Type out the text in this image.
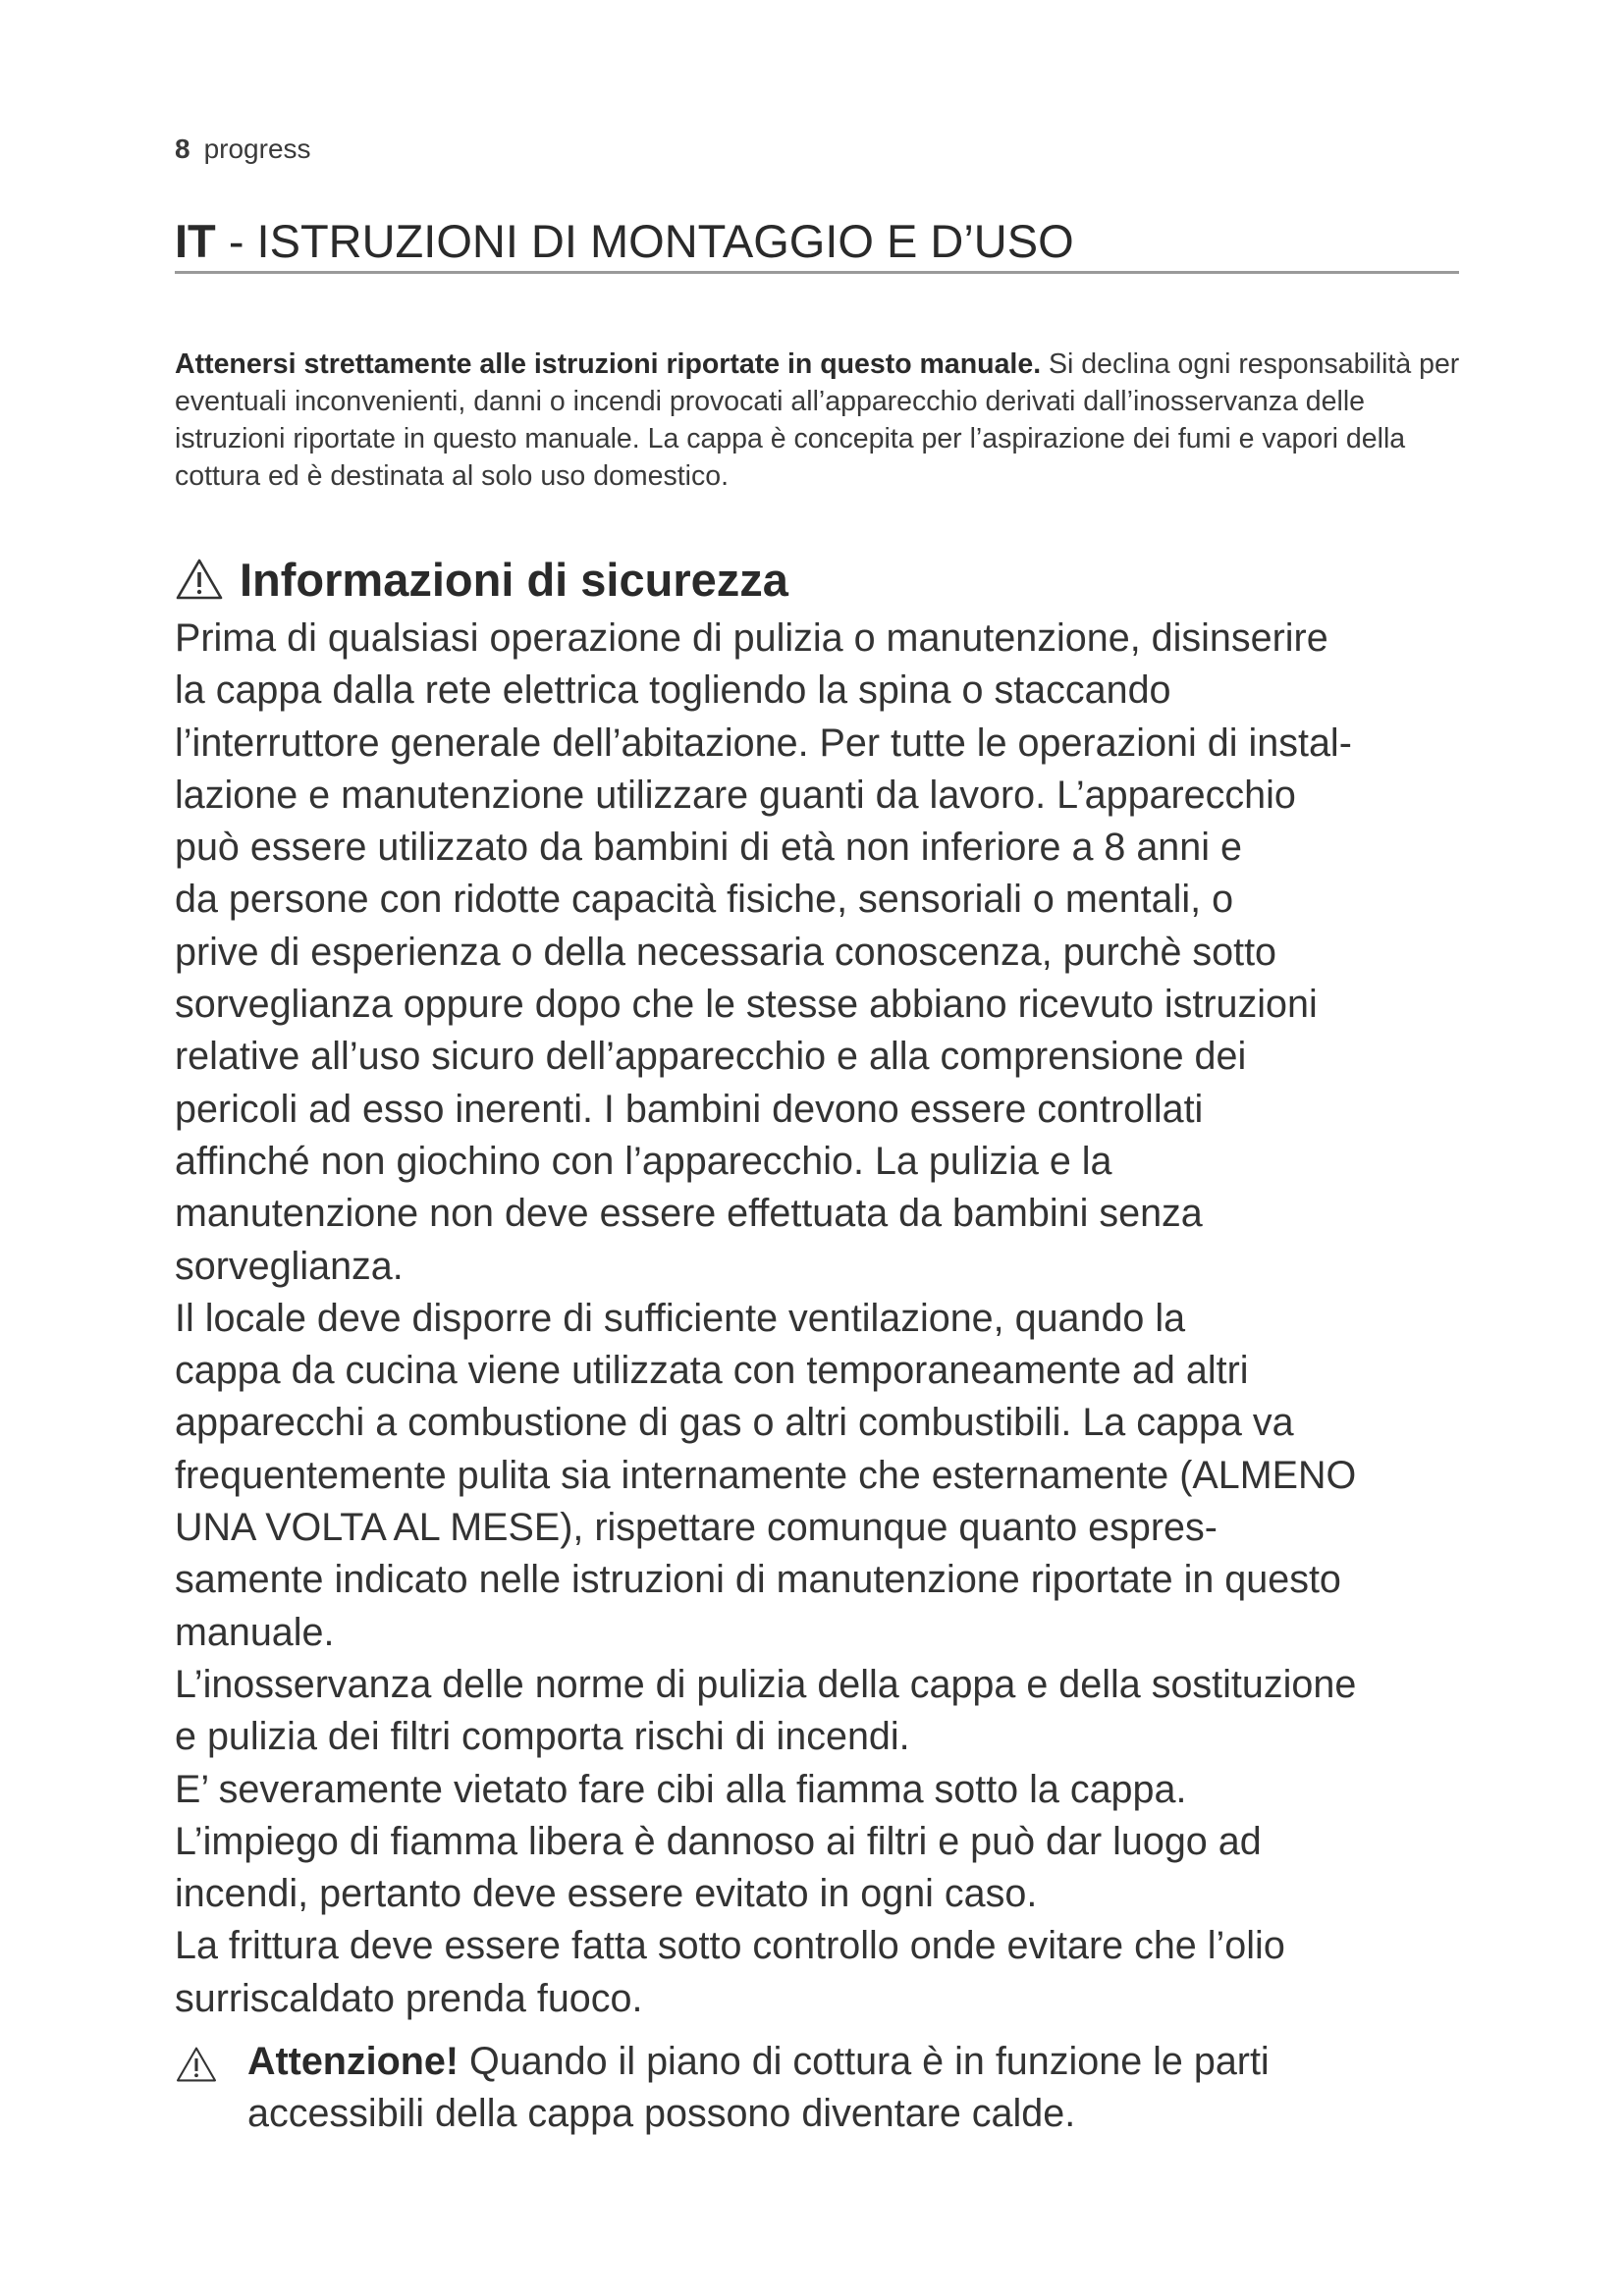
8 progress
IT - ISTRUZIONI DI MONTAGGIO E D’USO
Attenersi strettamente alle istruzioni riportate in questo manuale. Si declina ogni responsabilità per eventuali inconvenienti, danni o incendi provocati all’apparecchio derivati dall’inosservanza delle istruzioni riportate in questo manuale. La cappa è concepita per l’aspirazione dei fumi e vapori della cottura ed è destinata al solo uso domestico.
Informazioni di sicurezza
Prima di qualsiasi operazione di pulizia o manutenzione, disinserire
la cappa dalla rete elettrica togliendo la spina o staccando
l’interruttore generale dell’abitazione. Per tutte le operazioni di instal-
lazione e manutenzione utilizzare guanti da lavoro. L’apparecchio
può essere utilizzato da bambini di età non inferiore a 8 anni e
da persone con ridotte capacità fisiche, sensoriali o mentali, o
prive di esperienza o della necessaria conoscenza, purchè sotto
sorveglianza oppure dopo che le stesse abbiano ricevuto istruzioni
relative all’uso sicuro dell’apparecchio e alla comprensione dei
pericoli ad esso inerenti. I bambini devono essere controllati
affinché non giochino con l’apparecchio. La pulizia e la
manutenzione non deve essere effettuata da bambini senza
sorveglianza.
Il locale deve disporre di sufficiente ventilazione, quando la
cappa da cucina viene utilizzata con temporaneamente ad altri
apparecchi a combustione di gas o altri combustibili. La cappa va
frequentemente pulita sia internamente che esternamente (ALMENO
UNA VOLTA AL MESE), rispettare comunque quanto espres-
samente indicato nelle istruzioni di manutenzione riportate in questo
manuale.
L’inosservanza delle norme di pulizia della cappa e della sostituzione
e pulizia dei filtri comporta rischi di incendi.
E’ severamente vietato fare cibi alla fiamma sotto la cappa.
L’impiego di fiamma libera è dannoso ai filtri e può dar luogo ad
incendi, pertanto deve essere evitato in ogni caso.
La frittura deve essere fatta sotto controllo onde evitare che l’olio
surriscaldato prenda fuoco.
Attenzione! Quando il piano di cottura è in funzione le parti
accessibili della cappa possono diventare calde.
